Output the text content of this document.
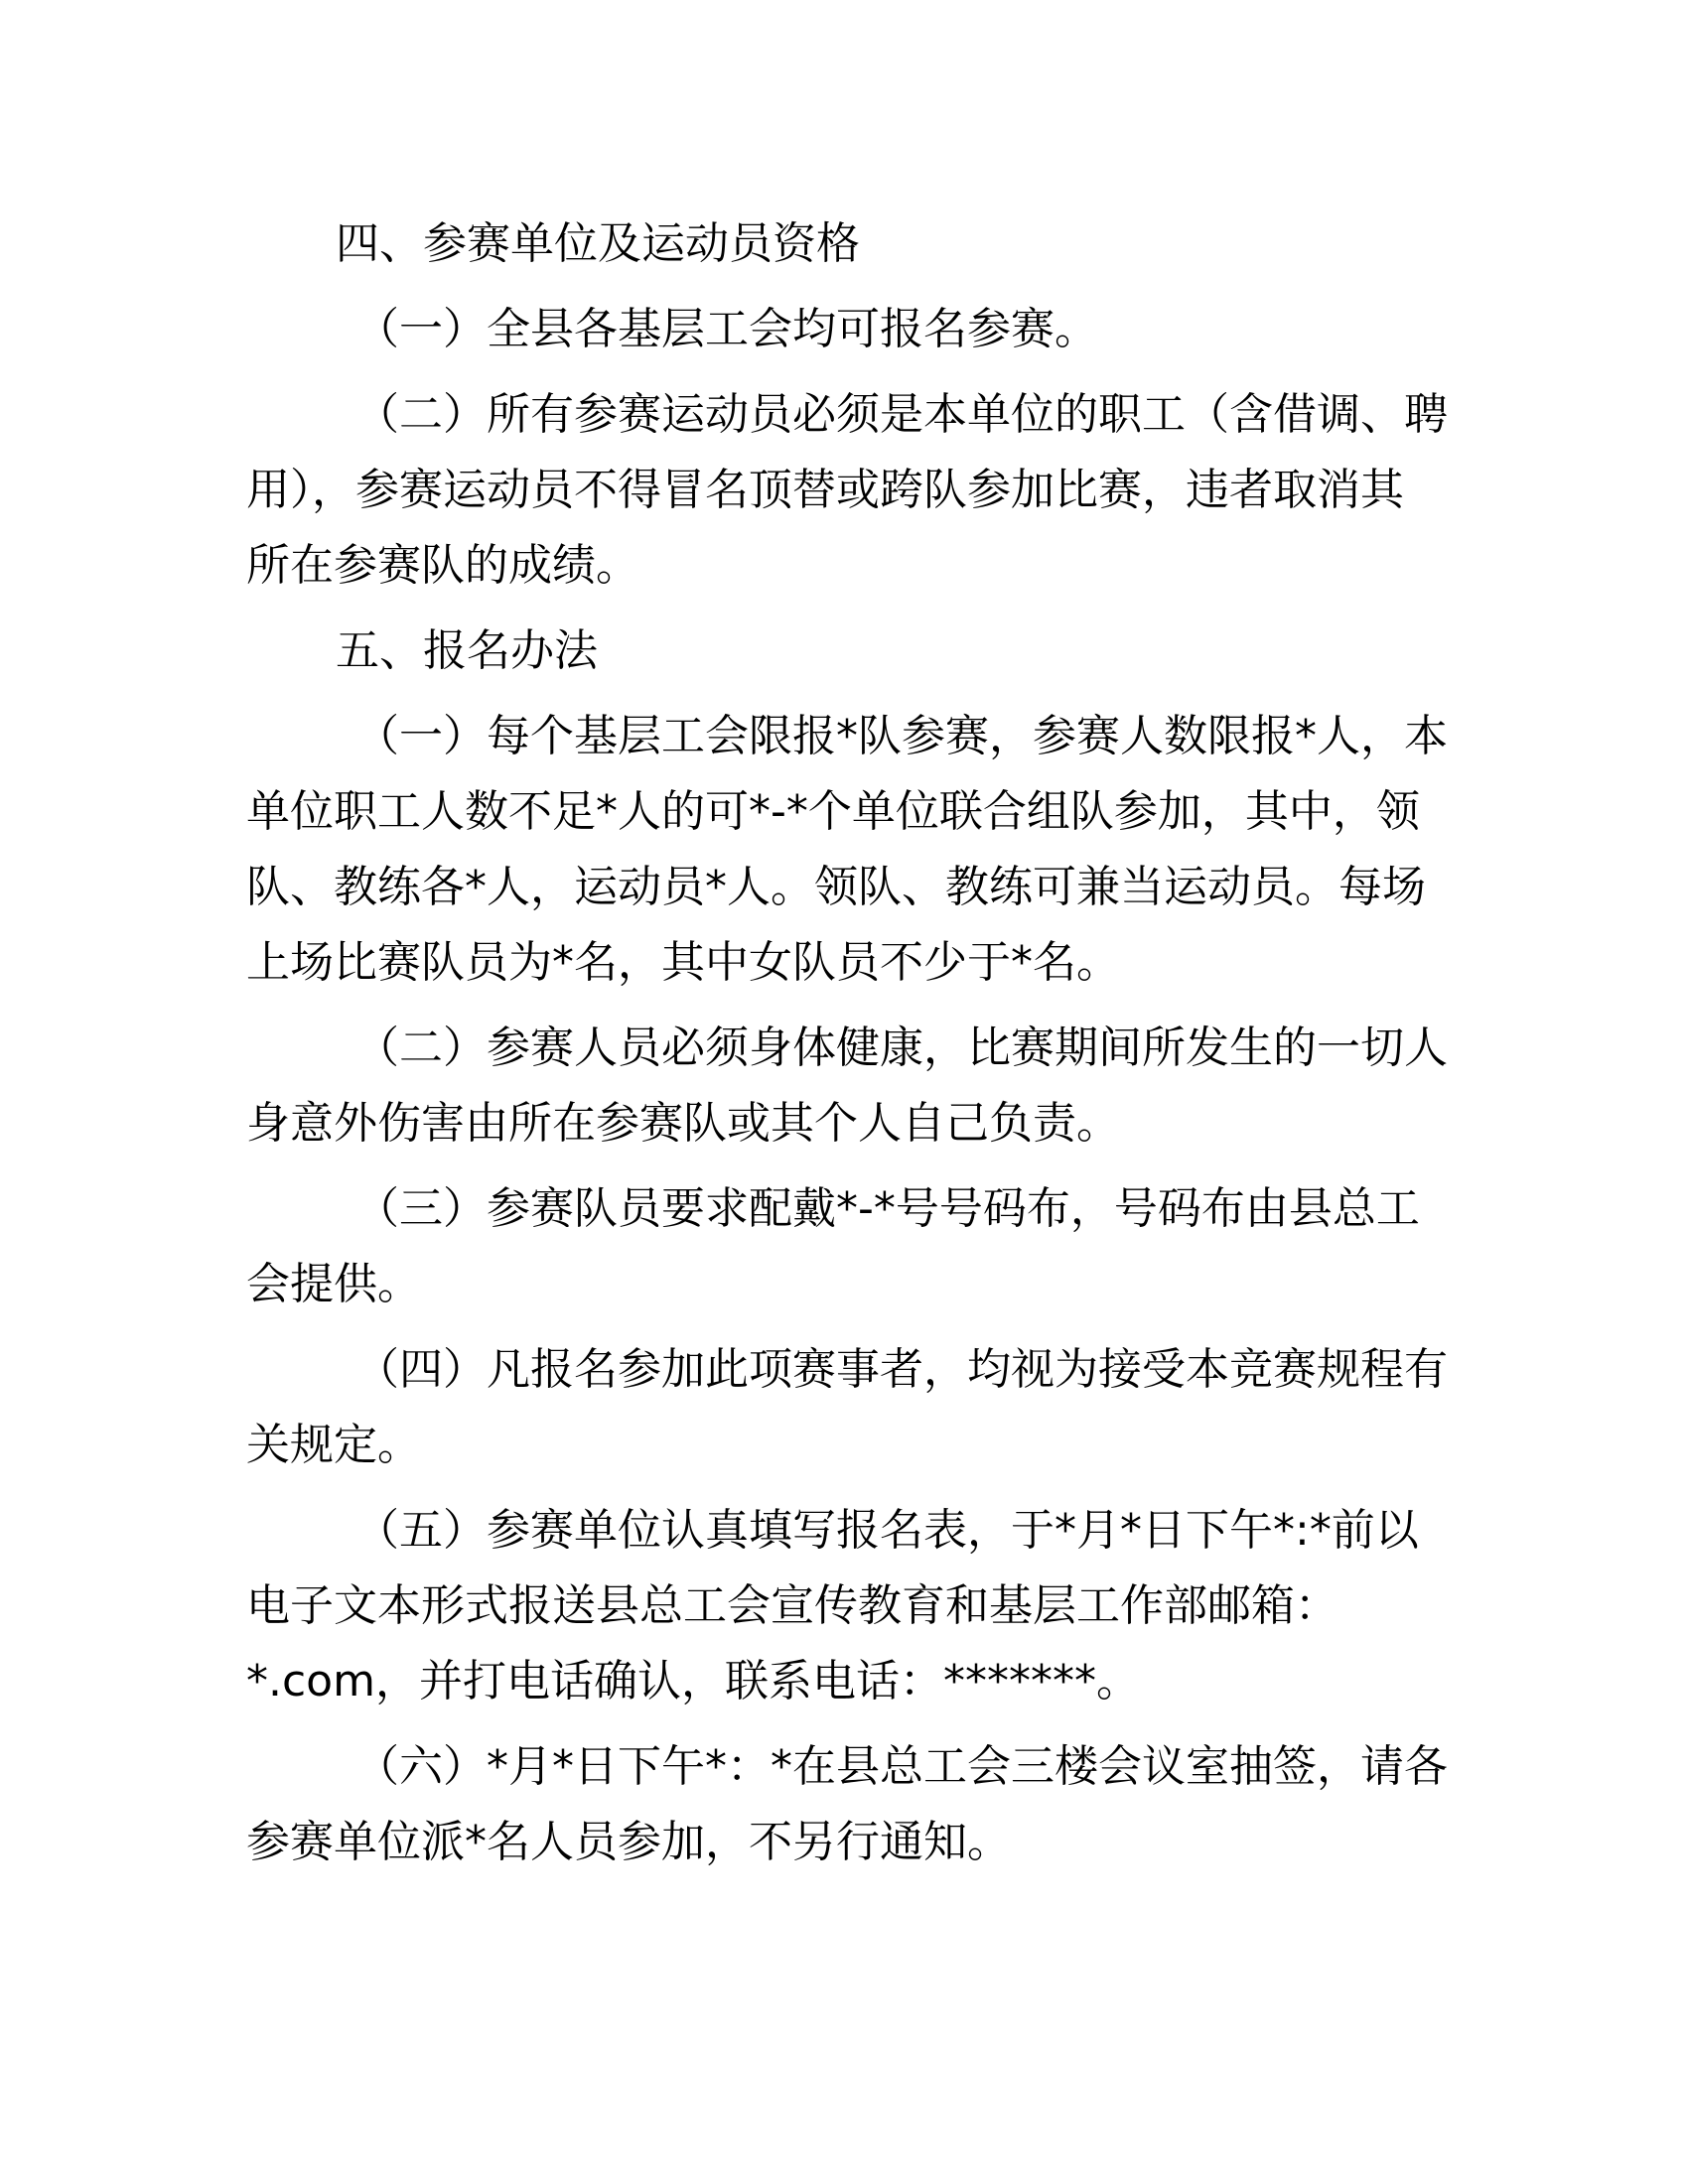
四、参赛单位及运动员资格
（一）全县各基层工会均可报名参赛。
（二）所有参赛运动员必须是本单位的职工（含借调、聘
用），参赛运动员不得冒名顶替或跨队参加比赛，违者取消其
所在参赛队的成绩。
五、报名办法
（一）每个基层工会限报*队参赛，参赛人数限报*人，本
单位职工人数不足*人的可*-*个单位联合组队参加，其中，领
队、教练各*人，运动员*人。领队、教练可兼当运动员。每场
上场比赛队员为*名，其中女队员不少于*名。
（二）参赛人员必须身体健康，比赛期间所发生的一切人
身意外伤害由所在参赛队或其个人自己负责。
（三）参赛队员要求配戴*-*号号码布，号码布由县总工
会提供。
（四）凡报名参加此项赛事者，均视为接受本竞赛规程有
关规定。
（五）参赛单位认真填写报名表，于*月*日下午*:*前以
电子文本形式报送县总工会宣传教育和基层工作部邮箱：
*.com，并打电话确认，联系电话：*******。
（六）*月*日下午*：*在县总工会三楼会议室抽签，请各
参赛单位派*名人员参加，不另行通知。
